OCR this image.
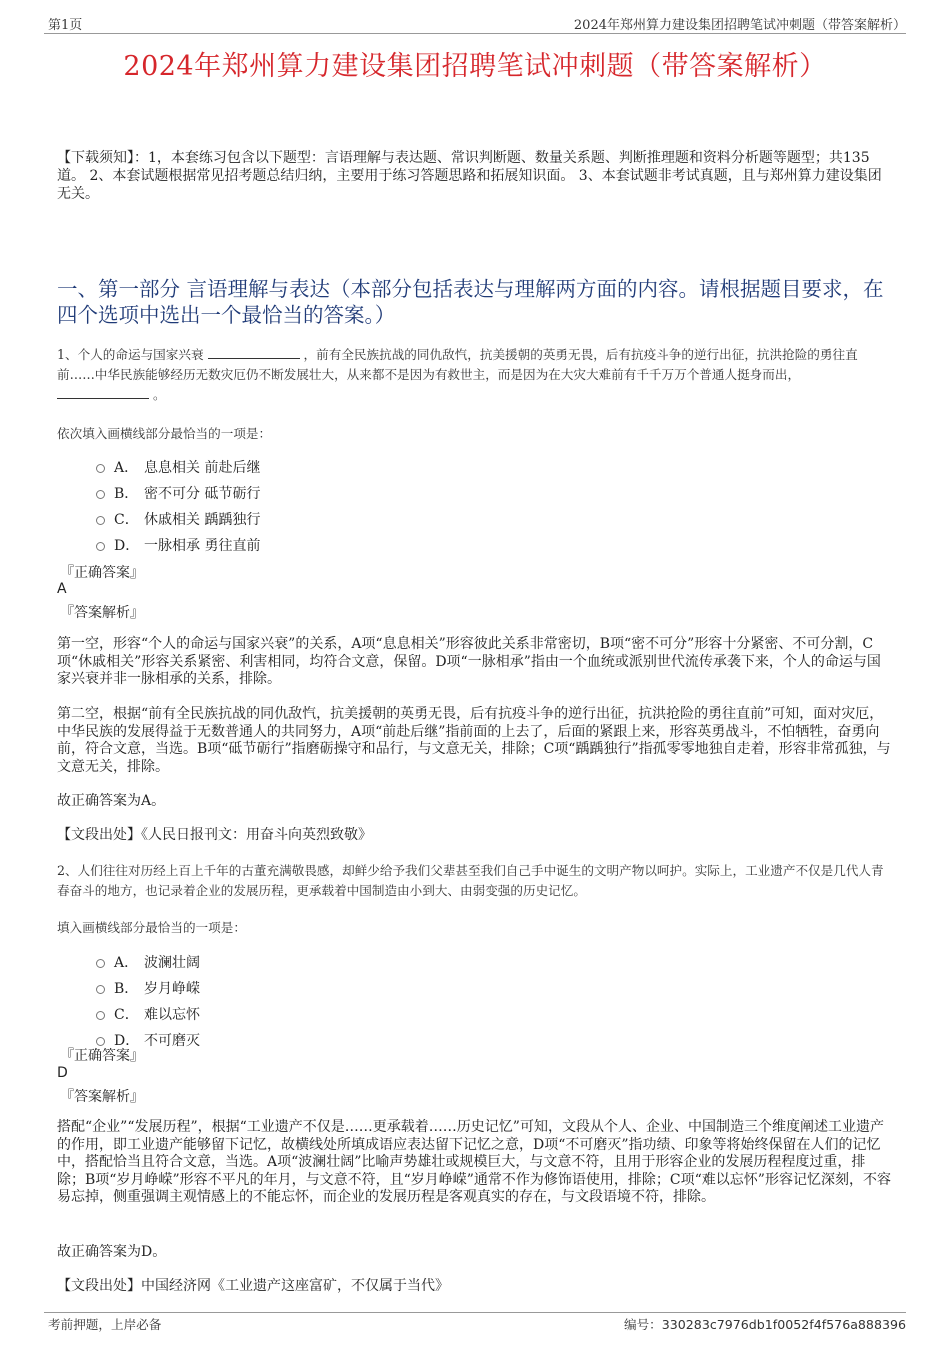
第1页	2024年郑州算力建设集团招聘笔试冲刺题（带答案解析）
2024年郑州算力建设集团招聘笔试冲刺题（带答案解析）
【下载须知】：1，本套练习包含以下题型：言语理解与表达题、常识判断题、数量关系题、判断推理题和资料分析题等题型；共135道。 2、本套试题根据常见招考题总结归纳，主要用于练习答题思路和拓展知识面。 3、本套试题非考试真题，且与郑州算力建设集团无关。
一、第一部分 言语理解与表达（本部分包括表达与理解两方面的内容。请根据题目要求，在四个选项中选出一个最恰当的答案。）
1、个人的命运与国家兴衰	，前有全民族抗战的同仇敌忾，抗美援朝的英勇无畏，后有抗疫斗争的逆行出征，抗洪抢险的勇往直前……中华民族能够经历无数灾厄仍不断发展壮大，从来都不是因为有救世主，而是因为在大灾大难前有千千万万个普通人挺身而出，
。
依次填入画横线部分最恰当的一项是：
A． 息息相关 前赴后继
B． 密不可分 砥节砺行
C． 休戚相关 踽踽独行
D． 一脉相承 勇往直前
『正确答案』
A
『答案解析』
第一空，形容“个人的命运与国家兴衰”的关系，A项“息息相关”形容彼此关系非常密切，B项“密不可分”形容十分紧密、不可分割，C项“休戚相关”形容关系紧密、利害相同，均符合文意，保留。D项“一脉相承”指由一个血统或派别世代流传承袭下来，个人的命运与国家兴衰并非一脉相承的关系，排除。
第二空，根据“前有全民族抗战的同仇敌忾，抗美援朝的英勇无畏，后有抗疫斗争的逆行出征，抗洪抢险的勇往直前”可知，面对灾厄，中华民族的发展得益于无数普通人的共同努力，A项“前赴后继”指前面的上去了，后面的紧跟上来，形容英勇战斗，不怕牺牲，奋勇向前，符合文意，当选。B项“砥节砺行”指磨砺操守和品行，与文意无关，排除；C项“踽踽独行”指孤零零地独自走着，形容非常孤独，与文意无关，排除。
故正确答案为A。
【文段出处】《人民日报刊文：用奋斗向英烈致敬》
2、人们往往对历经上百上千年的古董充满敬畏感，却鲜少给予我们父辈甚至我们自己手中诞生的文明产物以呵护。实际上，工业遗产不仅是几代人青春奋斗的地方，也记录着企业的发展历程，更承载着中国制造由小到大、由弱变强的历史记忆。
填入画横线部分最恰当的一项是：
A． 波澜壮阔
B． 岁月峥嵘
C． 难以忘怀
D． 不可磨灭
『正确答案』
D
『答案解析』
搭配“企业”“发展历程”，根据“工业遗产不仅是……更承载着……历史记忆”可知，文段从个人、企业、中国制造三个维度阐述工业遗产的作用，即工业遗产能够留下记忆，故横线处所填成语应表达留下记忆之意，D项“不可磨灭”指功绩、印象等将始终保留在人们的记忆中，搭配恰当且符合文意，当选。A项“波澜壮阔”比喻声势雄壮或规模巨大，与文意不符，且用于形容企业的发展历程程度过重，排除；B项“岁月峥嵘”形容不平凡的年月，与文意不符，且“岁月峥嵘”通常不作为修饰语使用，排除；C项“难以忘怀”形容记忆深刻，不容易忘掉，侧重强调主观情感上的不能忘怀，而企业的发展历程是客观真实的存在，与文段语境不符，排除。
故正确答案为D。
【文段出处】中国经济网《工业遗产这座富矿，不仅属于当代》
考前押题，上岸必备	编号：330283c7976db1f0052f4f576a888396
